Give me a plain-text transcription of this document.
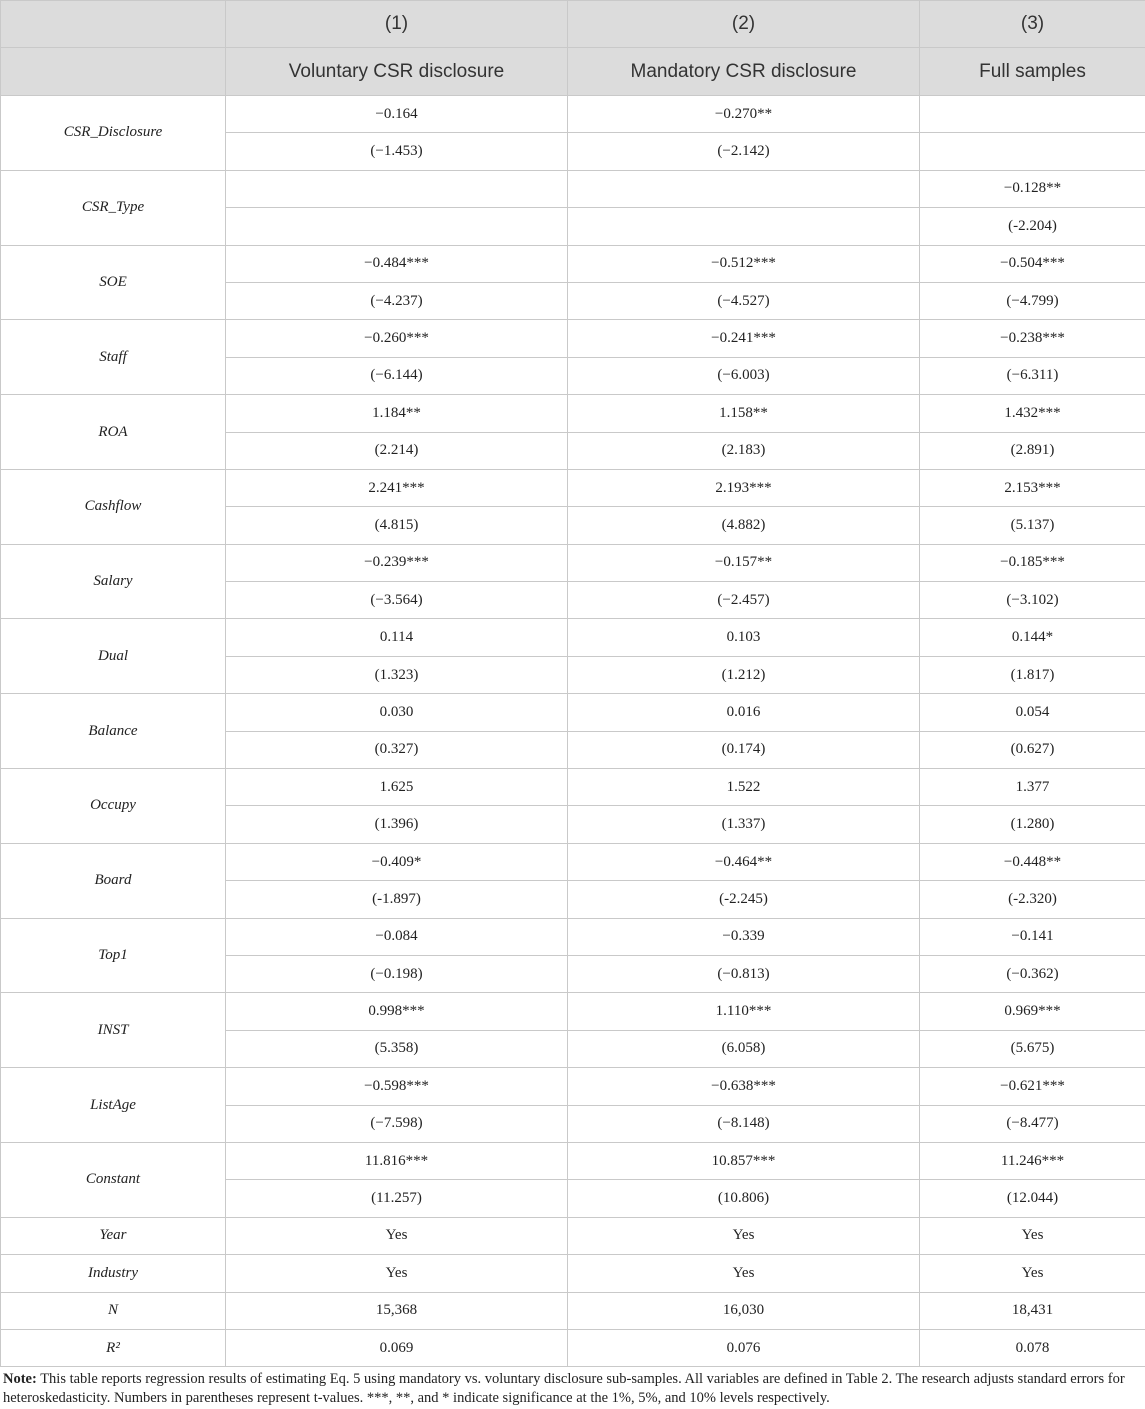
	(1)	(2)	(3)
	Voluntary CSR disclosure	Mandatory CSR disclosure	Full samples
CSR_Disclosure	−0.164	−0.270**	
	(−1.453)	(−2.142)	
CSR_Type			−0.128**
			(-2.204)
SOE	−0.484***	−0.512***	−0.504***
	(−4.237)	(−4.527)	(−4.799)
Staff	−0.260***	−0.241***	−0.238***
	(−6.144)	(−6.003)	(−6.311)
ROA	1.184**	1.158**	1.432***
	(2.214)	(2.183)	(2.891)
Cashflow	2.241***	2.193***	2.153***
	(4.815)	(4.882)	(5.137)
Salary	−0.239***	−0.157**	−0.185***
	(−3.564)	(−2.457)	(−3.102)
Dual	0.114	0.103	0.144*
	(1.323)	(1.212)	(1.817)
Balance	0.030	0.016	0.054
	(0.327)	(0.174)	(0.627)
Occupy	1.625	1.522	1.377
	(1.396)	(1.337)	(1.280)
Board	−0.409*	−0.464**	−0.448**
	(-1.897)	(-2.245)	(-2.320)
Top1	−0.084	−0.339	−0.141
	(−0.198)	(−0.813)	(−0.362)
INST	0.998***	1.110***	0.969***
	(5.358)	(6.058)	(5.675)
ListAge	−0.598***	−0.638***	−0.621***
	(−7.598)	(−8.148)	(−8.477)
Constant	11.816***	10.857***	11.246***
	(11.257)	(10.806)	(12.044)
Year	Yes	Yes	Yes
Industry	Yes	Yes	Yes
N	15,368	16,030	18,431
R²	0.069	0.076	0.078
Note: This table reports regression results of estimating Eq. 5 using mandatory vs. voluntary disclosure sub-samples. All variables are defined in Table 2. The research adjusts standard errors for heteroskedasticity. Numbers in parentheses represent t-values. ***, **, and * indicate significance at the 1%, 5%, and 10% levels respectively.
